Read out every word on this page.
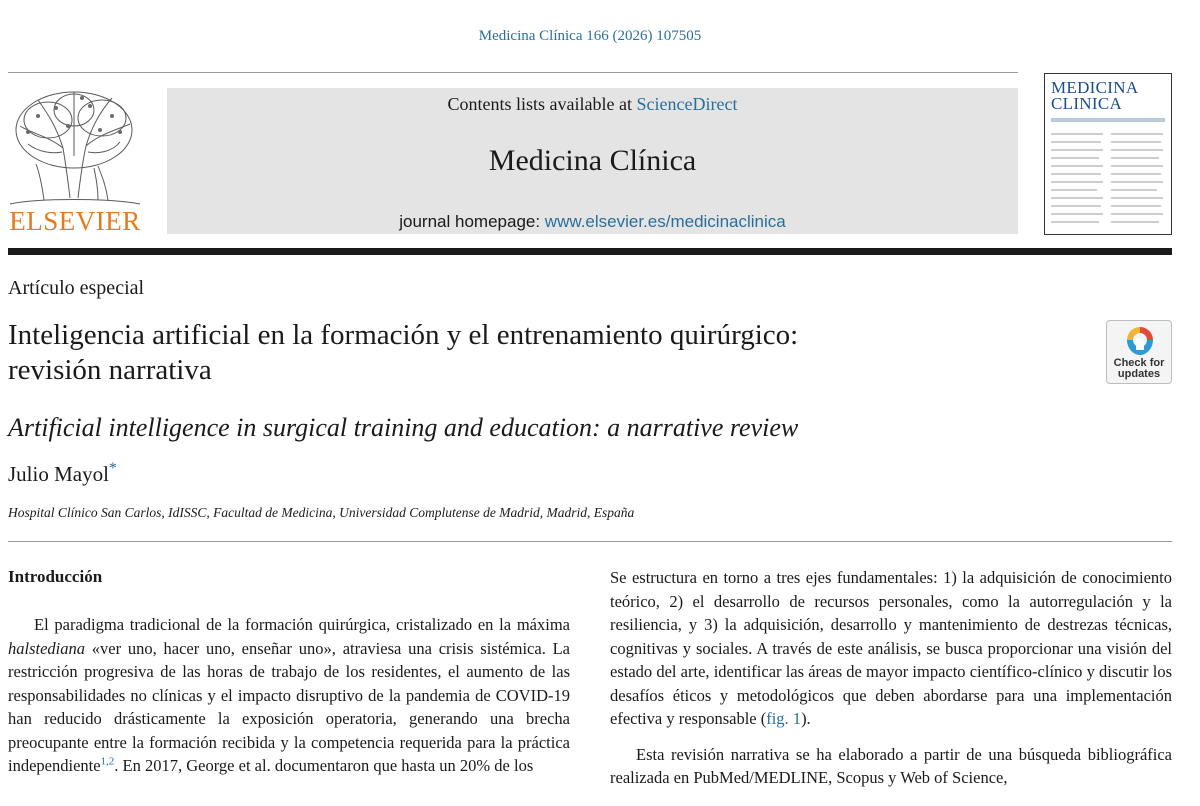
Medicina Clínica 166 (2026) 107505
ELSEVIER
Contents lists available at ScienceDirect
Medicina Clínica
journal homepage: www.elsevier.es/medicinaclinica
MEDICINA
CLINICA
Artículo especial
Inteligencia artificial en la formación y el entrenamiento quirúrgico:
revisión narrativa	Check for
updates
Artificial intelligence in surgical training and education: a narrative review
Julio Mayol*
Hospital Clínico San Carlos, IdISSC, Facultad de Medicina, Universidad Complutense de Madrid, Madrid, España
Introducción

El paradigma tradicional de la formación quirúrgica, cristalizado en la máxima halstediana «ver uno, hacer uno, enseñar uno», atraviesa una crisis sistémica. La restricción progresiva de las horas de trabajo de los residentes, el aumento de las responsabilidades no clínicas y el impacto disruptivo de la pandemia de COVID-19 han reducido drásticamente la exposición operatoria, generando una brecha preocupante entre la formación recibida y la competencia requerida para la práctica independiente$^{1,2}$. En 2017, George et al. documentaron que hasta un 20% de los

Se estructura en torno a tres ejes fundamentales: 1) la adquisición de conocimiento teórico, 2) el desarrollo de recursos personales, como la autorregulación y la resiliencia, y 3) la adquisición, desarrollo y mantenimiento de destrezas técnicas, cognitivas y sociales. A través de este análisis, se busca proporcionar una visión del estado del arte, identificar las áreas de mayor impacto científico-clínico y discutir los desafíos éticos y metodológicos que deben abordarse para una implementación efectiva y responsable (fig. 1).

Esta revisión narrativa se ha elaborado a partir de una búsqueda bibliográfica realizada en PubMed/MEDLINE, Scopus y Web of Science,
